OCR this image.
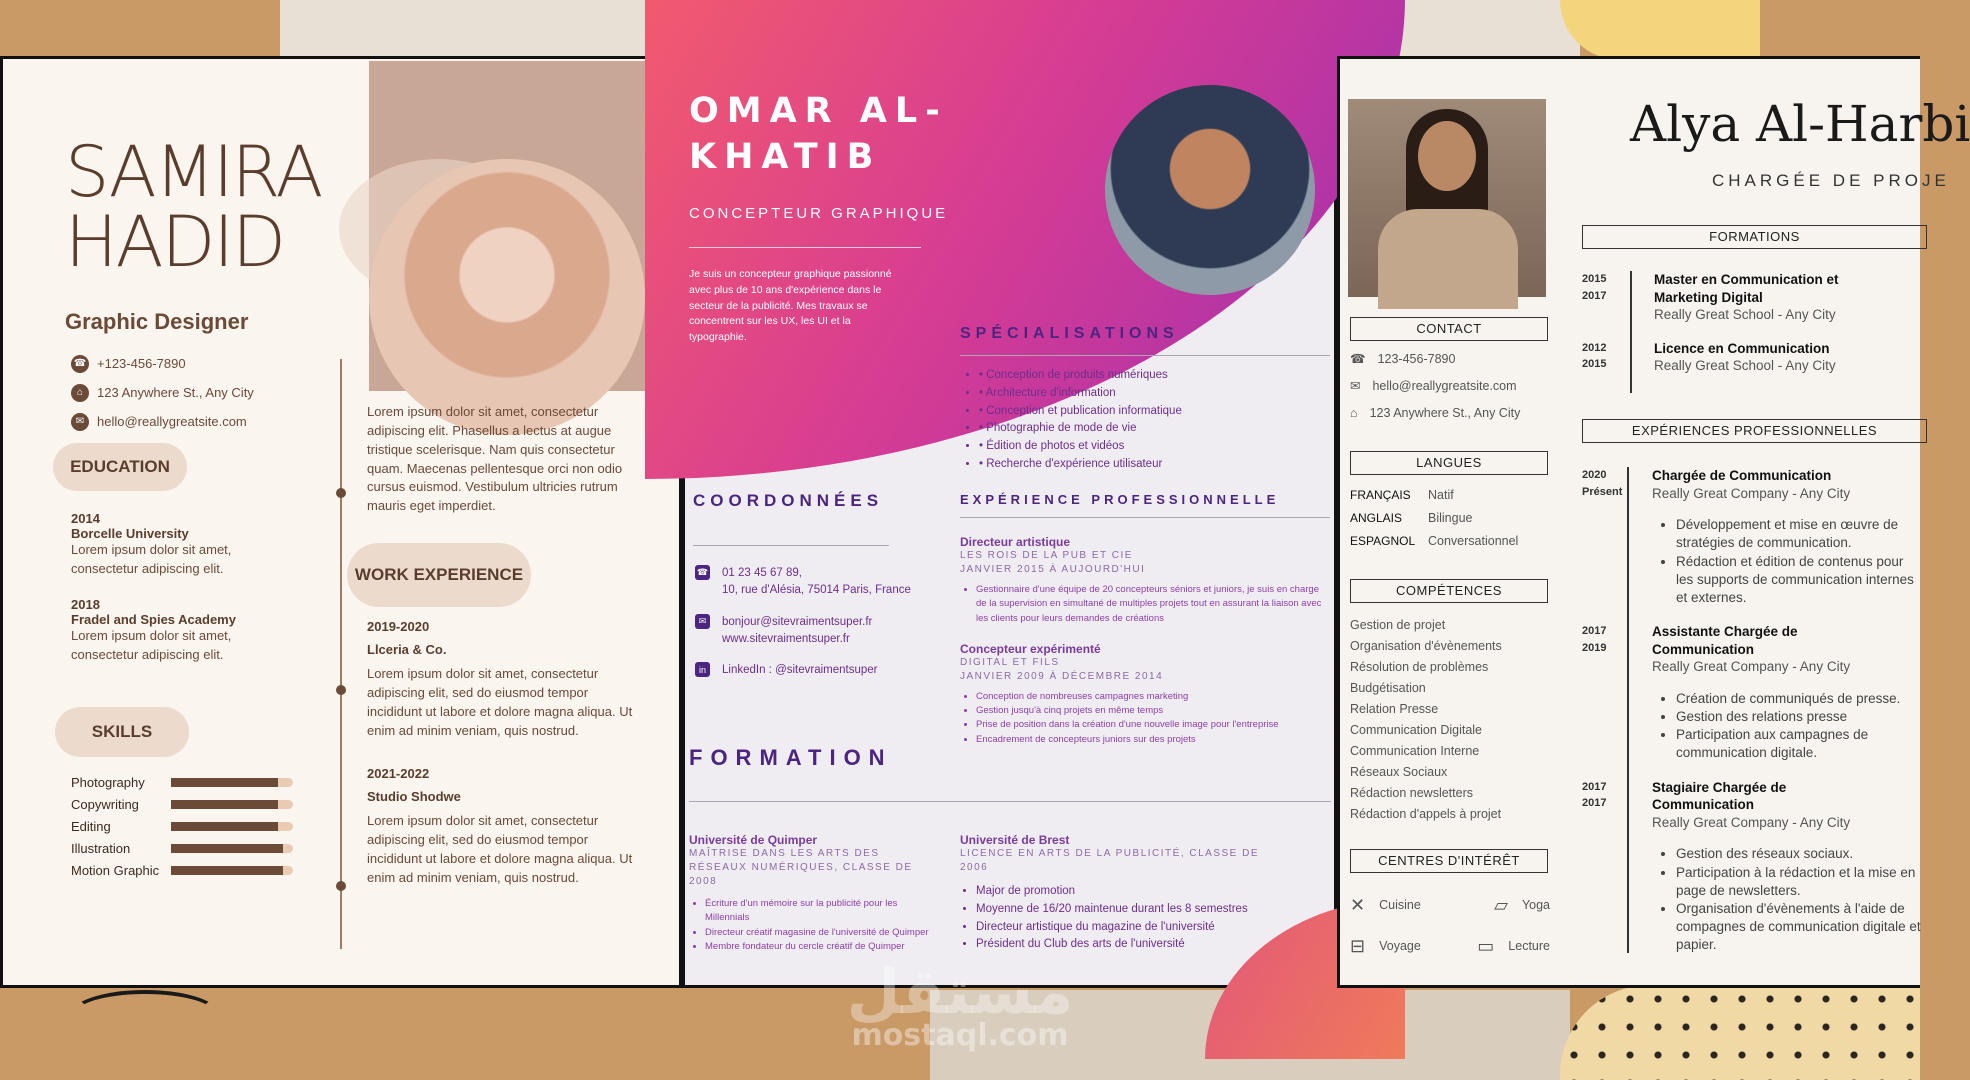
SAMIRA
HADID
Graphic Designer
☎ +123-456-7890
⌂	123 Anywhere St., Any City
✉ hello@reallygreatsite.com
EDUCATION
2014
Borcelle University
Lorem ipsum dolor sit amet, consectetur adipiscing elit.
2018
Fradel and Spies Academy
Lorem ipsum dolor sit amet, consectetur adipiscing elit.
SKILLS
Photography
Copywriting
Editing
Illustration
Motion Graphic
Lorem ipsum dolor sit amet, consectetur adipiscing elit. Phasellus a lectus at augue tristique scelerisque. Nam quis consectetur quam. Maecenas pellentesque orci non odio cursus euismod. Vestibulum ultricies rutrum mauris eget imperdiet.
WORK EXPERIENCE
2019-2020
Llceria & Co.
Lorem ipsum dolor sit amet, consectetur adipiscing elit, sed do eiusmod tempor incididunt ut labore et dolore magna aliqua. Ut enim ad minim veniam, quis nostrud.
2021-2022
Studio Shodwe
Lorem ipsum dolor sit amet, consectetur adipiscing elit, sed do eiusmod tempor incididunt ut labore et dolore magna aliqua. Ut enim ad minim veniam, quis nostrud.
OMAR AL-KHATIB
CONCEPTEUR GRAPHIQUE
Je suis un concepteur graphique passionné avec plus de 10 ans d'expérience dans le secteur de la publicité. Mes travaux se concentrent sur les UX, les UI et la typographie.	SPÉCIALISATIONS
• • Conception de produits numériques
• • Architecture d'information
• • Conception et publication informatique
• • Photographie de mode de vie
• • Édition de photos et vidéos
• • Recherche d'expérience utilisateur
COORDONNÉES
☎ 01 23 45 67 89,
10, rue d'Alésia, 75014 Paris, France
✉	bonjour@sitevraimentsuper.fr
www.sitevraimentsuper.fr
in	LinkedIn : @sitevraimentsuper
EXPÉRIENCE PROFESSIONNELLE
Directeur artistique
LES ROIS DE LA PUB ET CIE
JANVIER 2015 À AUJOURD'HUI
• Gestionnaire d'une équipe de 20 concepteurs séniors et juniors, je suis en charge de la supervision en simultané de multiples projets tout en assurant la liaison avec les clients pour leurs demandes de créations
Concepteur expérimenté
DIGITAL ET FILS
JANVIER 2009 À DÉCEMBRE 2014
• Conception de nombreuses campagnes marketing
• Gestion jusqu'à cinq projets en même temps
• Prise de position dans la création d'une nouvelle image pour l'entreprise
• Encadrement de concepteurs juniors sur des projets
FORMATION
Université de Quimper
MAÎTRISE DANS LES ARTS DES RÉSEAUX NUMÉRIQUES, CLASSE DE 2008
• Écriture d'un mémoire sur la publicité pour les Millennials
• Directeur créatif magasine de l'université de Quimper
• Membre fondateur du cercle créatif de Quimper
Université de Brest
LICENCE EN ARTS DE LA PUBLICITÉ, CLASSE DE 2006
• Major de promotion
• Moyenne de 16/20 maintenue durant les 8 semestres
• Directeur artistique du magazine de l'université
• Président du Club des arts de l'université
CONTACT
☎ 123-456-7890
✉ hello@reallygreatsite.com
⌂ 123 Anywhere St., Any City
LANGUES
FRANÇAIS	Natif
ANGLAIS	Bilingue
ESPAGNOL	Conversationnel
COMPÉTENCES
Gestion de projet
Organisation d'évènements
Résolution de problèmes
Budgétisation
Relation Presse
Communication Digitale
Communication Interne
Réseaux Sociaux
Rédaction newsletters
Rédaction d'appels à projet
CENTRES D'INTÉRÊT
✕ Cuisine	▱ Yoga
⊟ Voyage	▭ Lecture
Alya Al-Harbi
CHARGÉE DE PROJE
FORMATIONS
2015
2017
Master en Communication et Marketing Digital
Really Great School - Any City
2012
2015
Licence en Communication
Really Great School - Any City
EXPÉRIENCES PROFESSIONNELLES
2020
Présent
Chargée de Communication
Really Great Company - Any City
• Développement et mise en œuvre de stratégies de communication.
• Rédaction et édition de contenus pour les supports de communication internes et externes.
2017
2019
Assistante Chargée de Communication
Really Great Company - Any City
• Création de communiqués de presse.
• Gestion des relations presse
• Participation aux campagnes de communication digitale.
2017
2017
Stagiaire Chargée de Communication
Really Great Company - Any City
• Gestion des réseaux sociaux.
• Participation à la rédaction et la mise en page de newsletters.
• Organisation d'évènements à l'aide de compagnes de communication digitale et papier.
مستقل
mostaql.com
